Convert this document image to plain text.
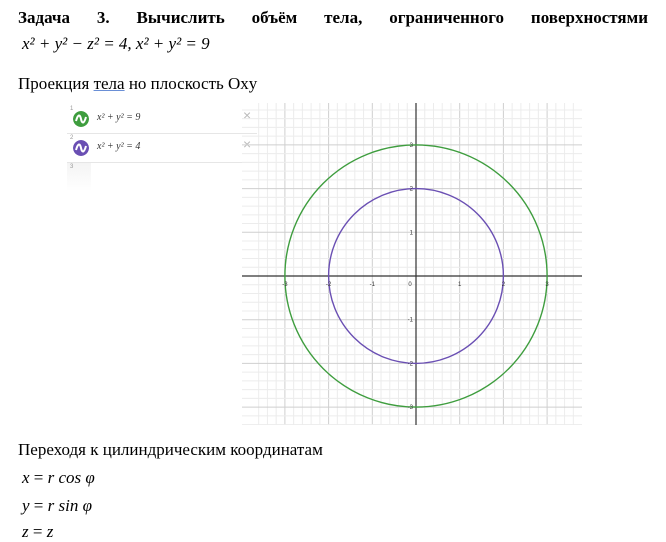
Задача 3. Вычислить объём тела, ограниченного поверхностями
x² + y² − z² = 4, x² + y² = 9
Проекция тела но плоскость Oxy
1
x² + y² = 9	×
2
x² + y² = 4	×
3
-3	-2	-1	0	1	2	3
3
2
1
-1
-2
-3
Переходя к цилиндрическим координатам
x = r cos φ
y = r sin φ
z = z
